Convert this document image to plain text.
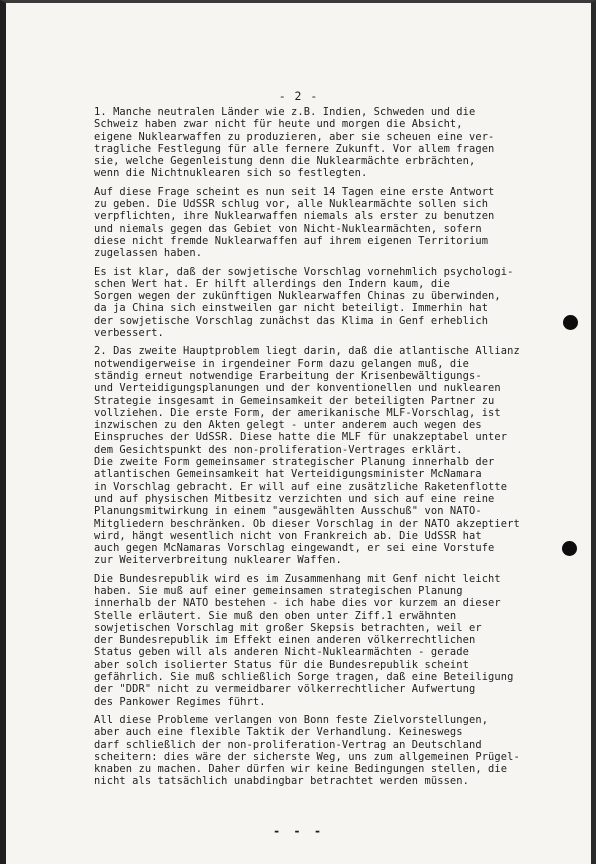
- 2 -
1. Manche neutralen Länder wie z.B. Indien, Schweden und die
Schweiz haben zwar nicht für heute und morgen die Absicht,
eigene Nuklearwaffen zu produzieren, aber sie scheuen eine ver-
tragliche Festlegung für alle fernere Zukunft. Vor allem fragen
sie, welche Gegenleistung denn die Nuklearmächte erbrächten,
wenn die Nichtnuklearen sich so festlegten.
Auf diese Frage scheint es nun seit 14 Tagen eine erste Antwort
zu geben. Die UdSSR schlug vor, alle Nuklearmächte sollen sich
verpflichten, ihre Nuklearwaffen niemals als erster zu benutzen
und niemals gegen das Gebiet von Nicht-Nuklearmächten, sofern
diese nicht fremde Nuklearwaffen auf ihrem eigenen Territorium
zugelassen haben.
Es ist klar, daß der sowjetische Vorschlag vornehmlich psychologi-
schen Wert hat. Er hilft allerdings den Indern kaum, die
Sorgen wegen der zukünftigen Nuklearwaffen Chinas zu überwinden,
da ja China sich einstweilen gar nicht beteiligt. Immerhin hat
der sowjetische Vorschlag zunächst das Klima in Genf erheblich
verbessert.
2. Das zweite Hauptproblem liegt darin, daß die atlantische Allianz
notwendigerweise in irgendeiner Form dazu gelangen muß, die
ständig erneut notwendige Erarbeitung der Krisenbewältigungs-
und Verteidigungsplanungen und der konventionellen und nuklearen
Strategie insgesamt in Gemeinsamkeit der beteiligten Partner zu
vollziehen. Die erste Form, der amerikanische MLF-Vorschlag, ist
inzwischen zu den Akten gelegt - unter anderem auch wegen des
Einspruches der UdSSR. Diese hatte die MLF für unakzeptabel unter
dem Gesichtspunkt des non-proliferation-Vertrages erklärt.
Die zweite Form gemeinsamer strategischer Planung innerhalb der
atlantischen Gemeinsamkeit hat Verteidigungsminister McNamara
in Vorschlag gebracht. Er will auf eine zusätzliche Raketenflotte
und auf physischen Mitbesitz verzichten und sich auf eine reine
Planungsmitwirkung in einem "ausgewählten Ausschuß" von NATO-
Mitgliedern beschränken. Ob dieser Vorschlag in der NATO akzeptiert
wird, hängt wesentlich nicht von Frankreich ab. Die UdSSR hat
auch gegen McNamaras Vorschlag eingewandt, er sei eine Vorstufe
zur Weiterverbreitung nuklearer Waffen.
Die Bundesrepublik wird es im Zusammenhang mit Genf nicht leicht
haben. Sie muß auf einer gemeinsamen strategischen Planung
innerhalb der NATO bestehen - ich habe dies vor kurzem an dieser
Stelle erläutert. Sie muß den oben unter Ziff.1 erwähnten
sowjetischen Vorschlag mit großer Skepsis betrachten, weil er
der Bundesrepublik im Effekt einen anderen völkerrechtlichen
Status geben will als anderen Nicht-Nuklearmächten - gerade
aber solch isolierter Status für die Bundesrepublik scheint
gefährlich. Sie muß schließlich Sorge tragen, daß eine Beteiligung
der "DDR" nicht zu vermeidbarer völkerrechtlicher Aufwertung
des Pankower Regimes führt.
All diese Probleme verlangen von Bonn feste Zielvorstellungen,
aber auch eine flexible Taktik der Verhandlung. Keineswegs
darf schließlich der non-proliferation-Vertrag an Deutschland
scheitern: dies wäre der sicherste Weg, uns zum allgemeinen Prügel-
knaben zu machen. Daher dürfen wir keine Bedingungen stellen, die
nicht als tatsächlich unabdingbar betrachtet werden müssen.
- - -
